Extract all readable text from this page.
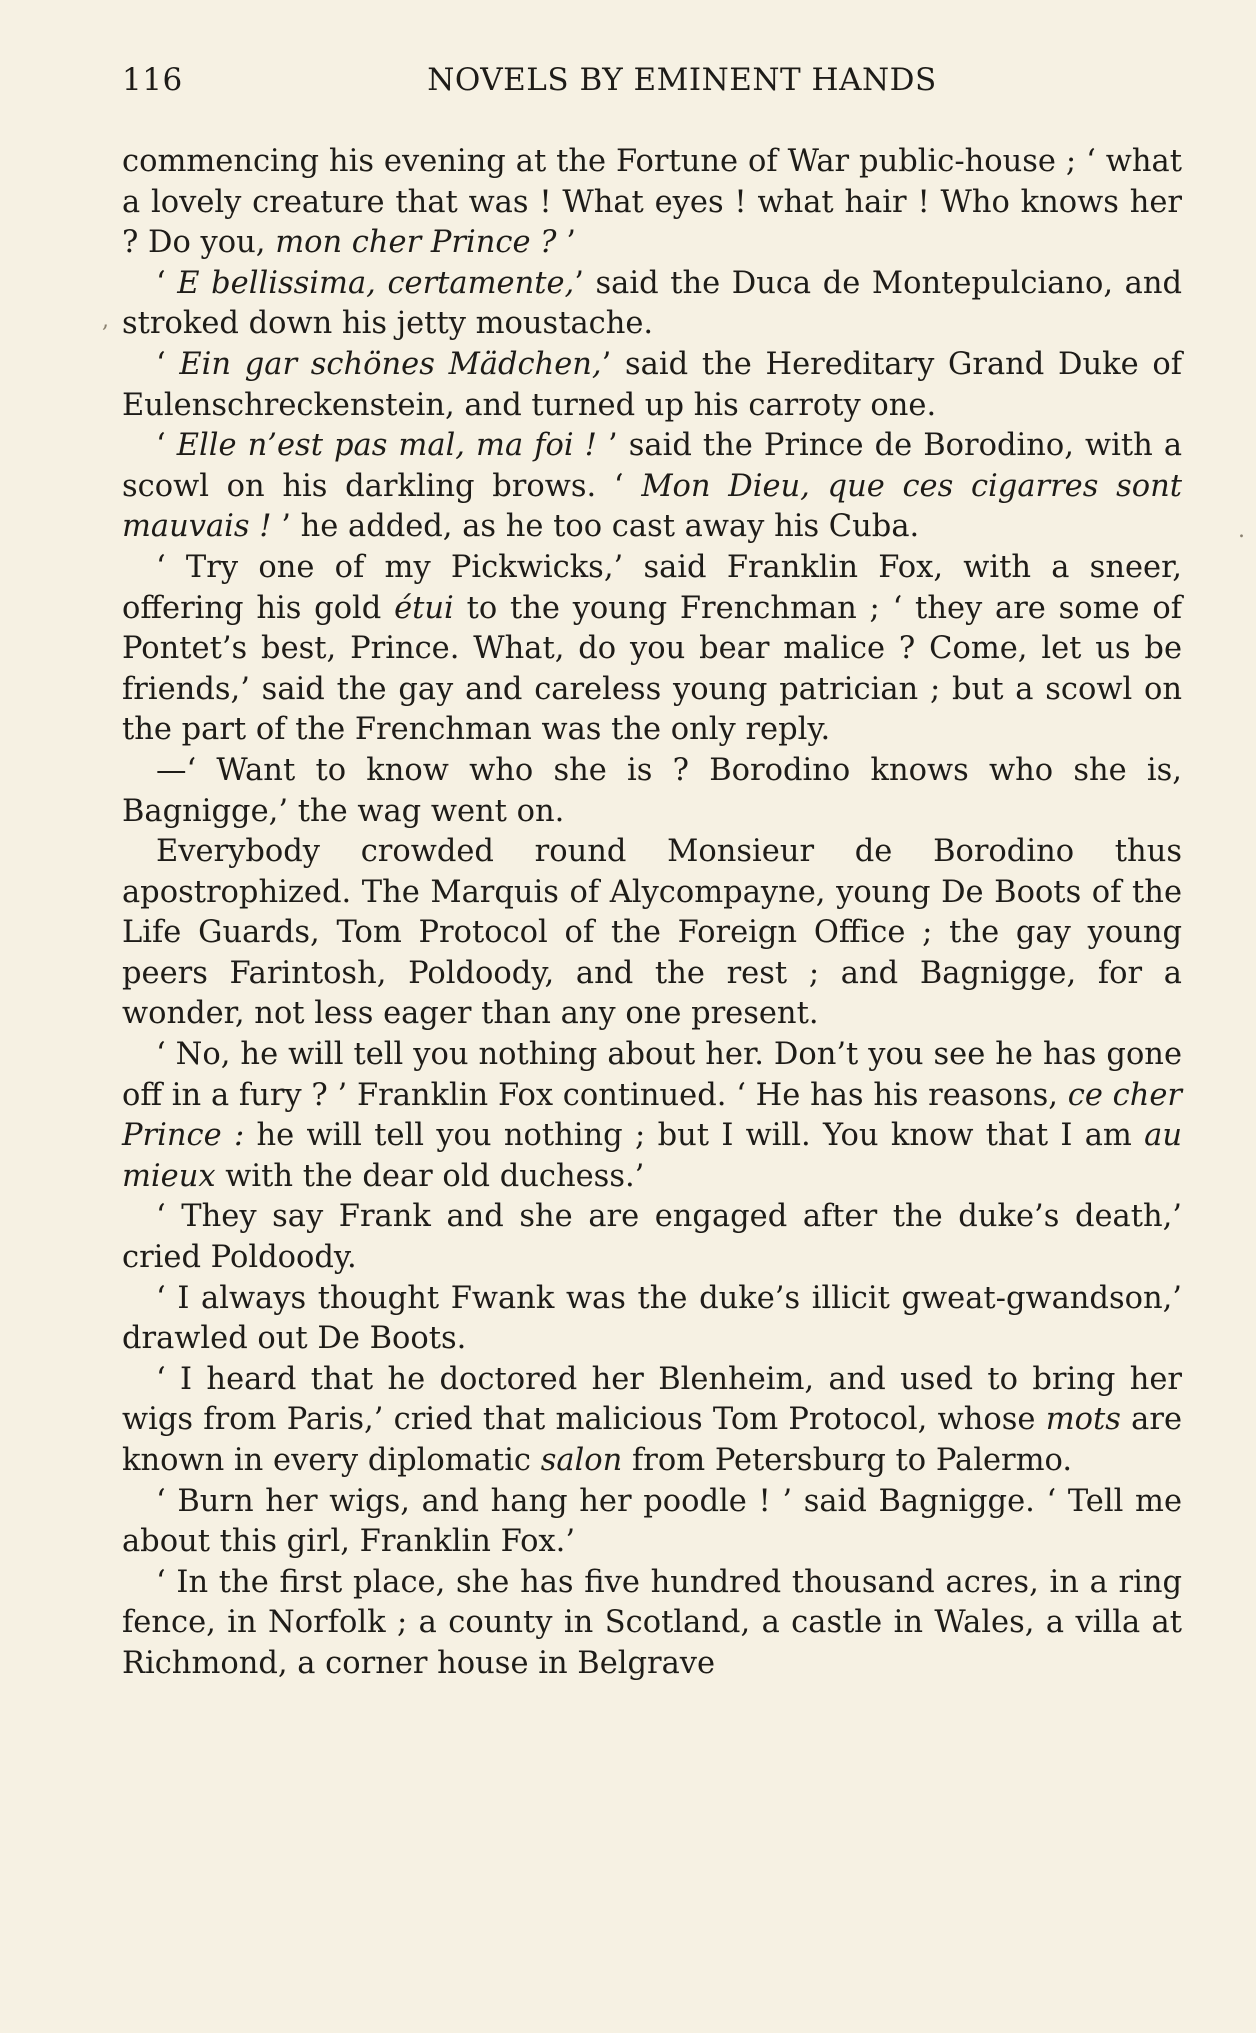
116	NOVELS BY EMINENT HANDS
,
.

commencing his evening at the Fortune of War public-house ; ‘ what a lovely creature that was ! What eyes ! what hair ! Who knows her ? Do you, mon cher Prince ? ’

‘ E bellissima, certamente,’ said the Duca de Montepulciano, and stroked down his jetty moustache.

‘ Ein gar schönes Mädchen,’ said the Hereditary Grand Duke of Eulenschreckenstein, and turned up his carroty one.

‘ Elle n’est pas mal, ma foi ! ’ said the Prince de Borodino, with a scowl on his darkling brows. ‘ Mon Dieu, que ces cigarres sont mauvais ! ’ he added, as he too cast away his Cuba.

‘ Try one of my Pickwicks,’ said Franklin Fox, with a sneer, offering his gold étui to the young Frenchman ; ‘ they are some of Pontet’s best, Prince. What, do you bear malice ? Come, let us be friends,’ said the gay and careless young patrician ; but a scowl on the part of the Frenchman was the only reply.

—‘ Want to know who she is ? Borodino knows who she is, Bagnigge,’ the wag went on.

Everybody crowded round Monsieur de Borodino thus apostrophized. The Marquis of Alycompayne, young De Boots of the Life Guards, Tom Protocol of the Foreign Office ; the gay young peers Farintosh, Poldoody, and the rest ; and Bagnigge, for a wonder, not less eager than any one present.

‘ No, he will tell you nothing about her. Don’t you see he has gone off in a fury ? ’ Franklin Fox continued. ‘ He has his reasons, ce cher Prince : he will tell you nothing ; but I will. You know that I am au mieux with the dear old duchess.’

‘ They say Frank and she are engaged after the duke’s death,’ cried Poldoody.

‘ I always thought Fwank was the duke’s illicit gweat-gwandson,’ drawled out De Boots.

‘ I heard that he doctored her Blenheim, and used to bring her wigs from Paris,’ cried that malicious Tom Protocol, whose mots are known in every diplomatic salon from Petersburg to Palermo.

‘ Burn her wigs, and hang her poodle ! ’ said Bagnigge. ‘ Tell me about this girl, Franklin Fox.’

‘ In the first place, she has five hundred thousand acres, in a ring fence, in Norfolk ; a county in Scotland, a castle in Wales, a villa at Richmond, a corner house in Belgrave
